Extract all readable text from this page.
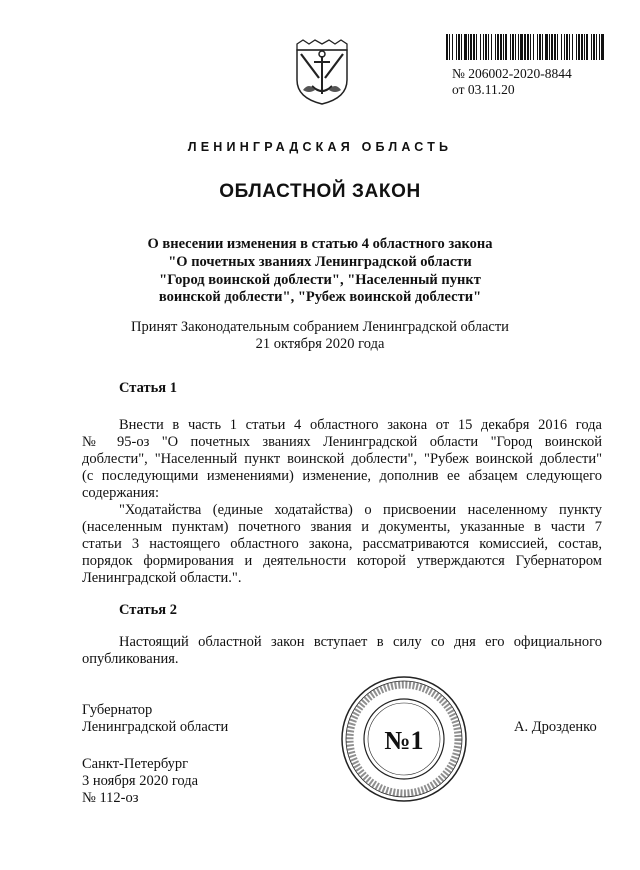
№ 206002-2020-8844
от 03.11.20
ЛЕНИНГРАДСКАЯ ОБЛАСТЬ
ОБЛАСТНОЙ ЗАКОН
О внесении изменения в статью 4 областного закона
"О почетных званиях Ленинградской области
"Город воинской доблести", "Населенный пункт
воинской доблести", "Рубеж воинской доблести"
Принят Законодательным собранием Ленинградской области
21 октября 2020 года
Статья 1
Внести в часть 1 статьи 4 областного закона от 15 декабря 2016 года
№ 95-оз "О почетных званиях Ленинградской области "Город воинской
доблести", "Населенный пункт воинской доблести", "Рубеж воинской доблести"
(с последующими изменениями) изменение, дополнив ее абзацем следующего
содержания:
"Ходатайства (единые ходатайства) о присвоении населенному пункту
(населенным пунктам) почетного звания и документы, указанные в части 7
статьи 3 настоящего областного закона, рассматриваются комиссией, состав,
порядок формирования и деятельности которой утверждаются Губернатором
Ленинградской области.".
Статья 2
Настоящий областной закон вступает в силу со дня его официального
опубликования.
Губернатор
Ленинградской области	А. Дрозденко
№1
Санкт-Петербург
3 ноября 2020 года
№ 112-оз
